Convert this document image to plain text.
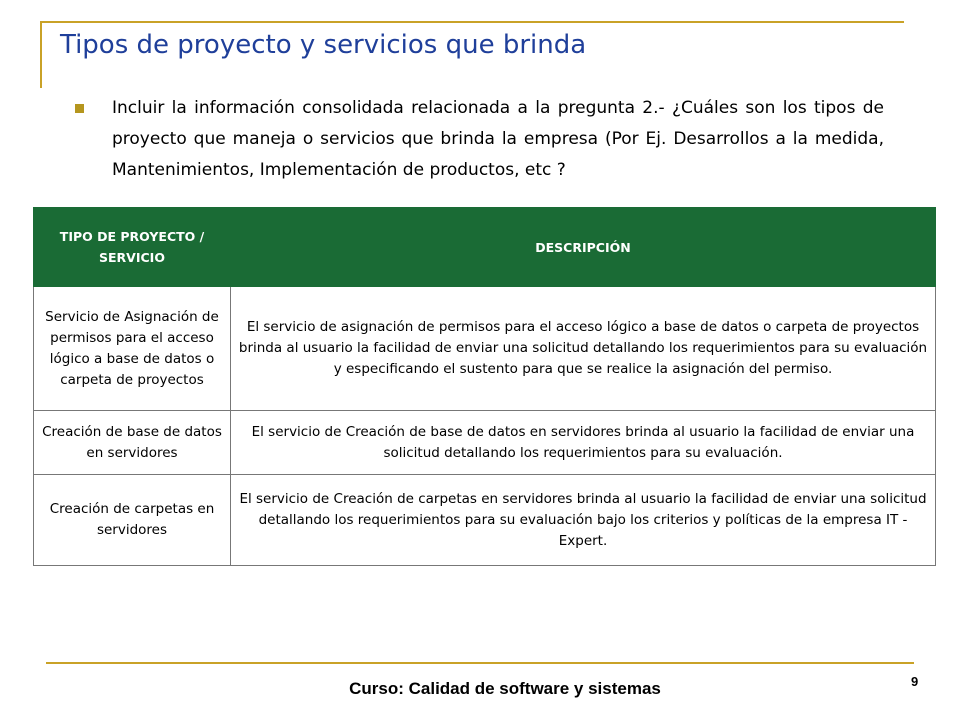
Tipos de proyecto y servicios que brinda
Incluir la información consolidada relacionada a la pregunta 2.- ¿Cuáles son los tipos de proyecto que maneja o servicios que brinda la empresa (Por Ej. Desarrollos a la medida, Mantenimientos, Implementación de productos, etc ?
TIPO DE PROYECTO / SERVICIO	DESCRIPCIÓN
Servicio de Asignación de permisos para el acceso lógico a base de datos o carpeta de proyectos	El servicio de asignación de permisos para el acceso lógico a base de datos o carpeta de proyectos brinda al usuario la facilidad de enviar una solicitud detallando los requerimientos para su evaluación y especificando el sustento para que se realice la asignación del permiso.
Creación de base de datos en servidores	El servicio de Creación de base de datos en servidores brinda al usuario la facilidad de enviar una solicitud detallando los requerimientos para su evaluación.
Creación de carpetas en servidores	El servicio de Creación de carpetas en servidores brinda al usuario la facilidad de enviar una solicitud detallando los requerimientos para su evaluación bajo los criterios y políticas de la empresa IT - Expert.
Curso: Calidad de software y sistemas	9
